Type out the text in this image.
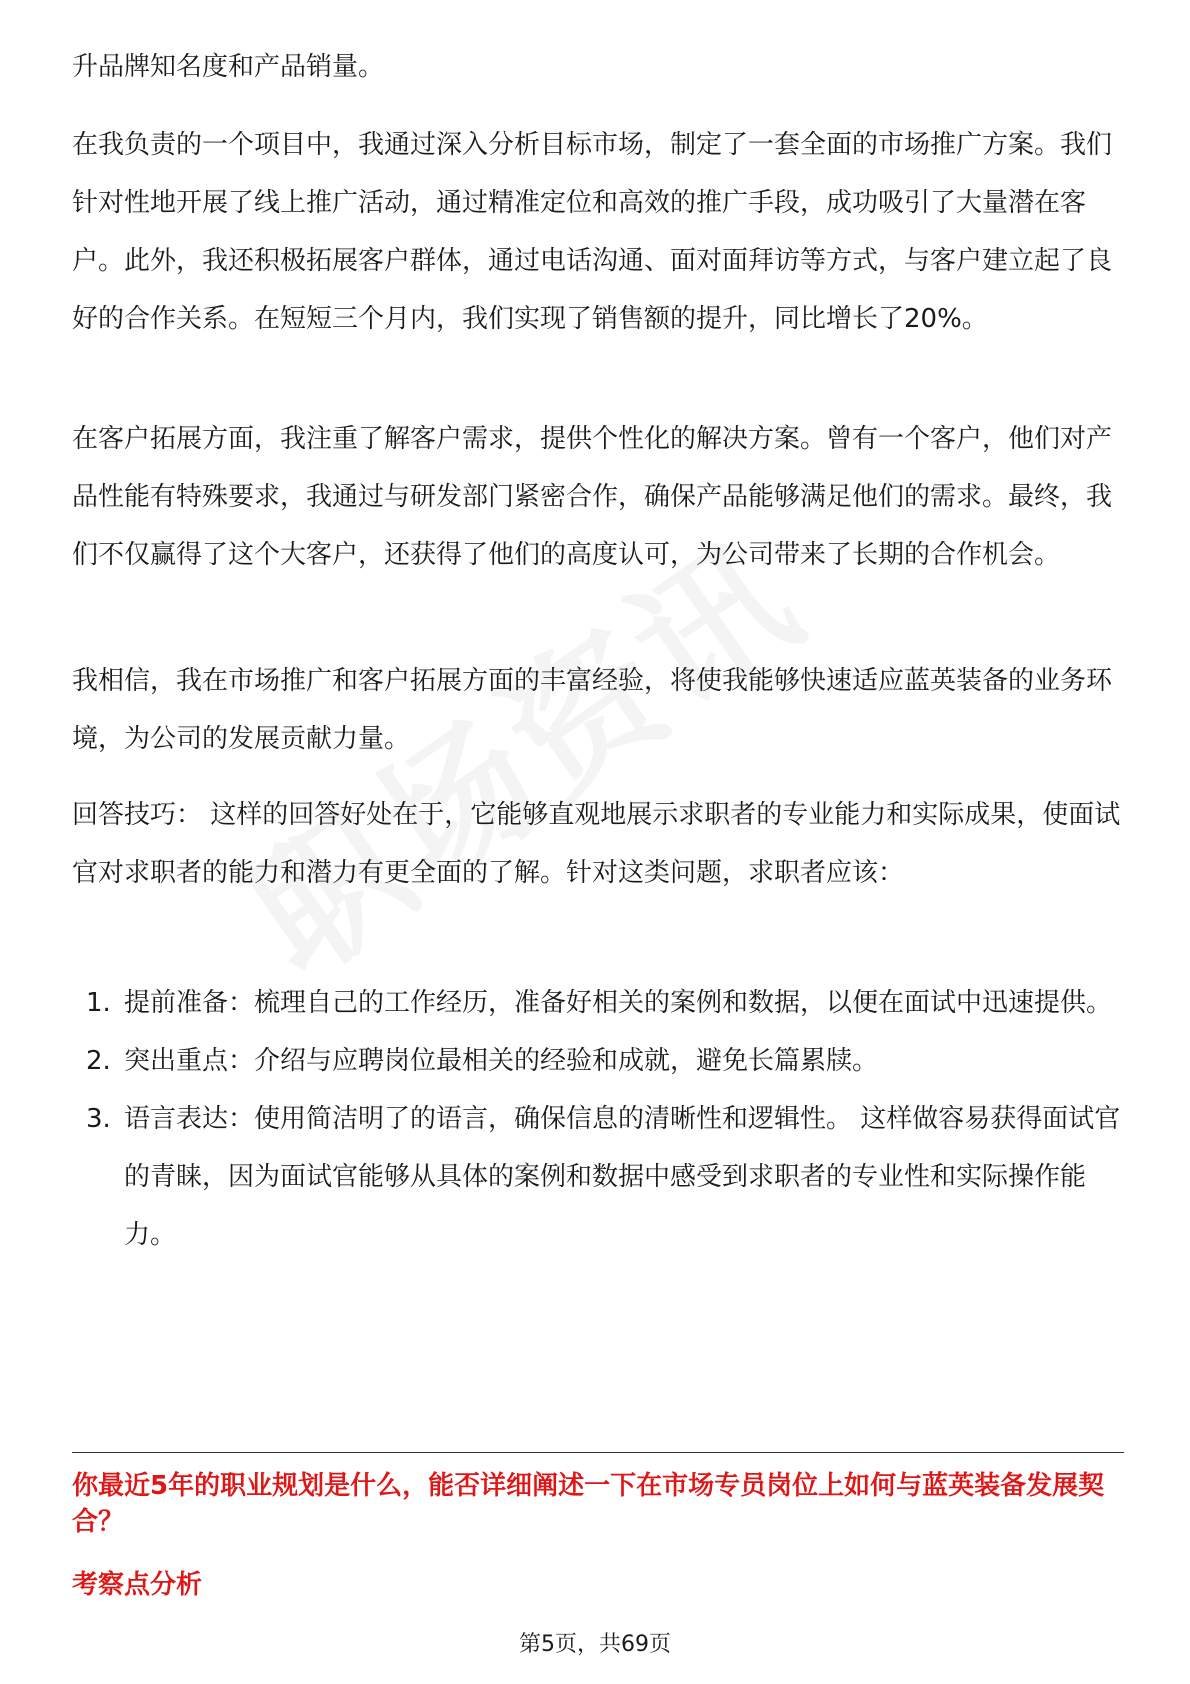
升品牌知名度和产品销量。

在我负责的一个项目中，我通过深入分析目标市场，制定了一套全面的市场推广方案。我们针对性地开展了线上推广活动，通过精准定位和高效的推广手段，成功吸引了大量潜在客户。此外，我还积极拓展客户群体，通过电话沟通、面对面拜访等方式，与客户建立起了良好的合作关系。在短短三个月内，我们实现了销售额的提升，同比增长了20%。

在客户拓展方面，我注重了解客户需求，提供个性化的解决方案。曾有一个客户，他们对产品性能有特殊要求，我通过与研发部门紧密合作，确保产品能够满足他们的需求。最终，我们不仅赢得了这个大客户，还获得了他们的高度认可，为公司带来了长期的合作机会。

我相信，我在市场推广和客户拓展方面的丰富经验，将使我能够快速适应蓝英装备的业务环境，为公司的发展贡献力量。

回答技巧： 这样的回答好处在于，它能够直观地展示求职者的专业能力和实际成果，使面试官对求职者的能力和潜力有更全面的了解。针对这类问题，求职者应该：

1. 提前准备：梳理自己的工作经历，准备好相关的案例和数据，以便在面试中迅速提供。
2. 突出重点：介绍与应聘岗位最相关的经验和成就，避免长篇累牍。
3. 语言表达：使用简洁明了的语言，确保信息的清晰性和逻辑性。 这样做容易获得面试官的青睐，因为面试官能够从具体的案例和数据中感受到求职者的专业性和实际操作能力。

你最近5年的职业规划是什么，能否详细阐述一下在市场专员岗位上如何与蓝英装备发展契合？

考察点分析

第5页，共69页
